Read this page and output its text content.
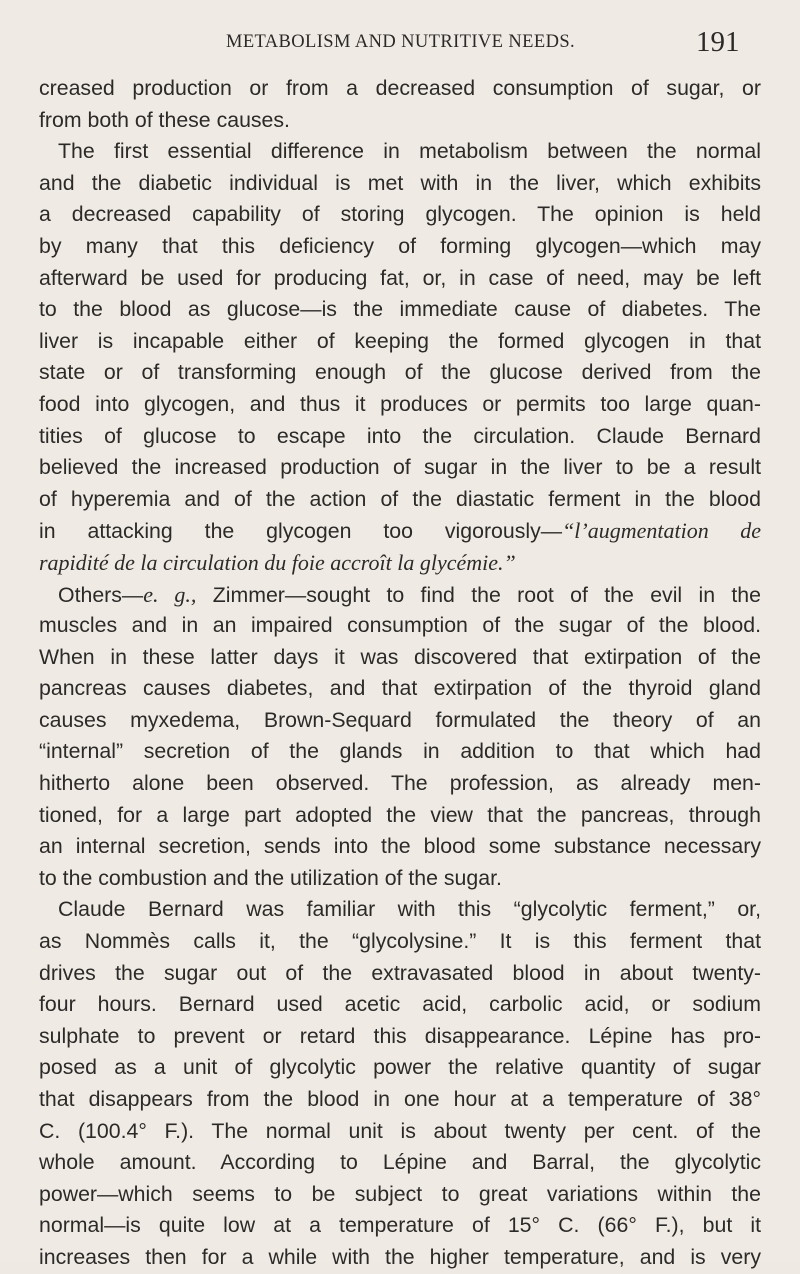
METABOLISM AND NUTRITIVE NEEDS.	191
creased production or from a decreased consumption of sugar, or
from both of these causes.
The first essential difference in metabolism between the normal
and the diabetic individual is met with in the liver, which exhibits
a decreased capability of storing glycogen. The opinion is held
by many that this deficiency of forming glycogen—which may
afterward be used for producing fat, or, in case of need, may be left
to the blood as glucose—is the immediate cause of diabetes. The
liver is incapable either of keeping the formed glycogen in that
state or of transforming enough of the glucose derived from the
food into glycogen, and thus it produces or permits too large quan-
tities of glucose to escape into the circulation. Claude Bernard
believed the increased production of sugar in the liver to be a result
of hyperemia and of the action of the diastatic ferment in the blood
in attacking the glycogen too vigorously—“l’augmentation de
rapidité de la circulation du foie accroît la glycémie.”
Others—e. g., Zimmer—sought to find the root of the evil in the
muscles and in an impaired consumption of the sugar of the blood.
When in these latter days it was discovered that extirpation of the
pancreas causes diabetes, and that extirpation of the thyroid gland
causes myxedema, Brown-Sequard formulated the theory of an
“internal” secretion of the glands in addition to that which had
hitherto alone been observed. The profession, as already men-
tioned, for a large part adopted the view that the pancreas, through
an internal secretion, sends into the blood some substance necessary
to the combustion and the utilization of the sugar.
Claude Bernard was familiar with this “glycolytic ferment,” or,
as Nommès calls it, the “glycolysine.” It is this ferment that
drives the sugar out of the extravasated blood in about twenty-
four hours. Bernard used acetic acid, carbolic acid, or sodium
sulphate to prevent or retard this disappearance. Lépine has pro-
posed as a unit of glycolytic power the relative quantity of sugar
that disappears from the blood in one hour at a temperature of 38°
C. (100.4° F.). The normal unit is about twenty per cent. of the
whole amount. According to Lépine and Barral, the glycolytic
power—which seems to be subject to great variations within the
normal—is quite low at a temperature of 15° C. (66° F.), but it
increases then for a while with the higher temperature, and is very
